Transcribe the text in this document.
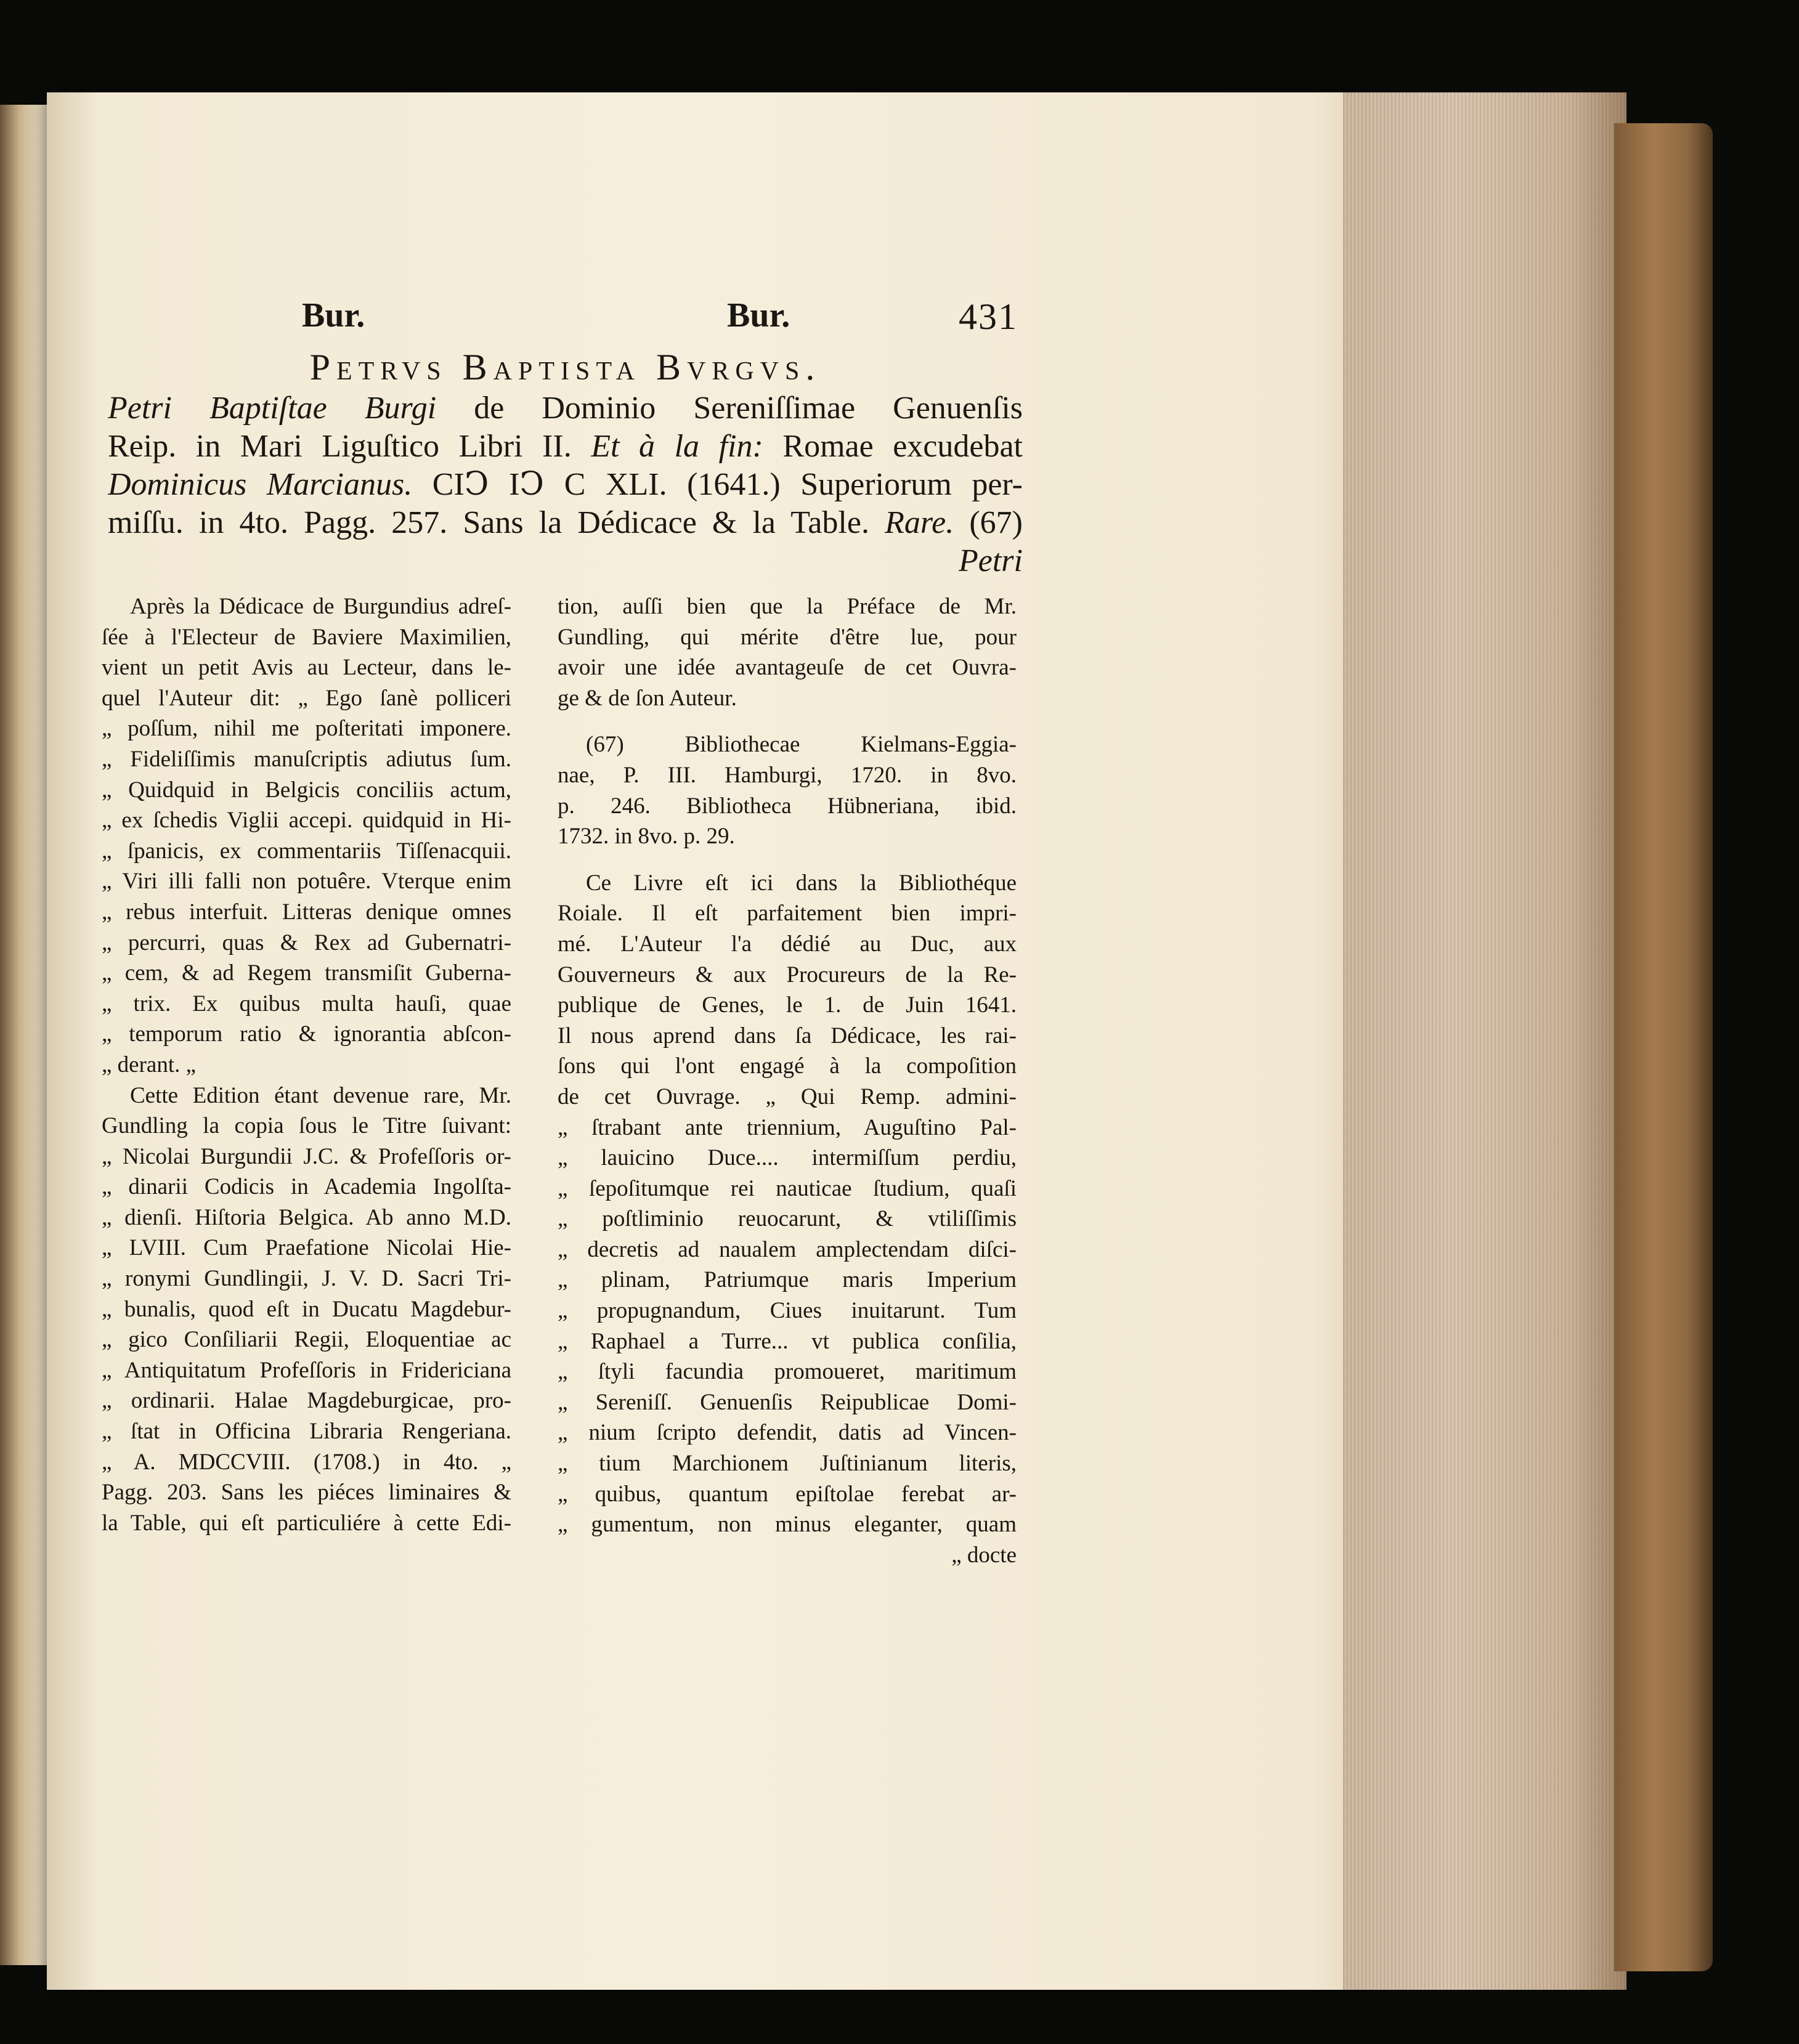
Bur.	Bur.	431
Petrvs Baptista Bvrgvs.
Petri Baptiſtae Burgi de Dominio Sereniſſimae Genuenſis
Reip. in Mari Liguſtico Libri II. Et à la fin: Romae excudebat
Dominicus Marcianus. CIↃ IↃ C XLI. (1641.) Superiorum per-
miſſu. in 4to. Pagg. 257. Sans la Dédicace & la Table. Rare. (67)
Petri
Après la Dédicace de Burgundius adreſ-
ſée à l'Electeur de Baviere Maximilien,
vient un petit Avis au Lecteur, dans le-
quel l'Auteur dit: „ Ego ſanè polliceri
„ poſſum, nihil me poſteritati imponere.
„ Fideliſſimis manuſcriptis adiutus ſum.
„ Quidquid in Belgicis conciliis actum,
„ ex ſchedis Viglii accepi. quidquid in Hi-
„ ſpanicis, ex commentariis Tiſſenacquii.
„ Viri illi falli non potuêre. Vterque enim
„ rebus interfuit. Litteras denique omnes
„ percurri, quas & Rex ad Gubernatri-
„ cem, & ad Regem transmiſit Guberna-
„ trix. Ex quibus multa hauſi, quae
„ temporum ratio & ignorantia abſcon-
„ derant. „
Cette Edition étant devenue rare, Mr.
Gundling la copia ſous le Titre ſuivant:
„ Nicolai Burgundii J.C. & Profeſſoris or-
„ dinarii Codicis in Academia Ingolſta-
„ dienſi. Hiſtoria Belgica. Ab anno M.D.
„ LVIII. Cum Praefatione Nicolai Hie-
„ ronymi Gundlingii, J. V. D. Sacri Tri-
„ bunalis, quod eſt in Ducatu Magdebur-
„ gico Conſiliarii Regii, Eloquentiae ac
„ Antiquitatum Profeſſoris in Fridericiana
„ ordinarii. Halae Magdeburgicae, pro-
„ ſtat in Officina Libraria Rengeriana.
„ A. MDCCVIII. (1708.) in 4to. „
Pagg. 203. Sans les piéces liminaires &
la Table, qui eſt particuliére à cette Edi-
tion, auſſi bien que la Préface de Mr.
Gundling, qui mérite d'être lue, pour
avoir une idée avantageuſe de cet Ouvra-
ge & de ſon Auteur.
(67) Bibliothecae Kielmans-Eggia-
nae, P. III. Hamburgi, 1720. in 8vo.
p. 246. Bibliotheca Hübneriana, ibid.
1732. in 8vo. p. 29.
Ce Livre eſt ici dans la Bibliothéque
Roiale. Il eſt parfaitement bien impri-
mé. L'Auteur l'a dédié au Duc, aux
Gouverneurs & aux Procureurs de la Re-
publique de Genes, le 1. de Juin 1641.
Il nous aprend dans ſa Dédicace, les rai-
ſons qui l'ont engagé à la compoſition
de cet Ouvrage. „ Qui Remp. admini-
„ ſtrabant ante triennium, Auguſtino Pal-
„ lauicino Duce.... intermiſſum perdiu,
„ ſepoſitumque rei nauticae ſtudium, quaſi
„ poſtliminio reuocarunt, & vtiliſſimis
„ decretis ad naualem amplectendam diſci-
„ plinam, Patriumque maris Imperium
„ propugnandum, Ciues inuitarunt. Tum
„ Raphael a Turre... vt publica conſilia,
„ ſtyli facundia promoueret, maritimum
„ Sereniſſ. Genuenſis Reipublicae Domi-
„ nium ſcripto defendit, datis ad Vincen-
„ tium Marchionem Juſtinianum literis,
„ quibus, quantum epiſtolae ferebat ar-
„ gumentum, non minus eleganter, quam
„ docte
